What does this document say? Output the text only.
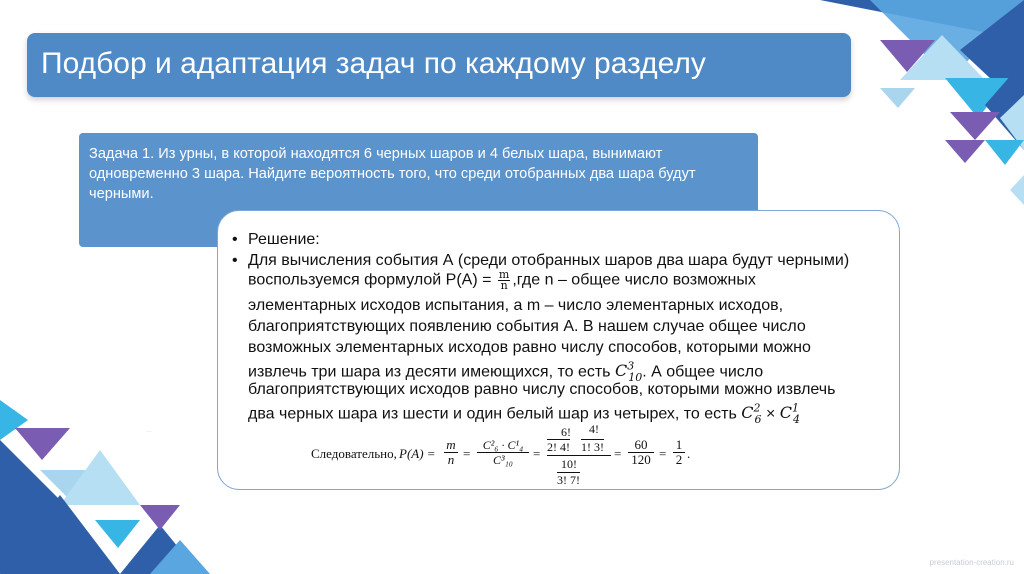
Подбор и адаптация задач по каждому разделу
Задача 1. Из урны, в которой находятся 6 черных шаров и 4 белых шара, вынимают одновременно 3 шара. Найдите вероятность того, что среди отобранных два шара будут черными.
• Решение:
• Для вычисления события А (среди отобранных шаров два шара будут черными)
воспользуемся формулой $Р(А) = \frac{m}{n} ,где$ n – общее число возможных
элементарных исходов испытания, а m – число элементарных исходов,
благоприятствующих появлению события А. В нашем случае общее число
возможных элементарных исходов равно числу способов, которыми можно
извлечь три шара из десяти имеющихся, то есть $C^3_{10}$. А общее число
благоприятствующих исходов равно числу способов, которыми можно извлечь
два черных шара из шести и один белый шар из четырех, то есть $C^2_6 \times C^1_4$
Следовательно, $P(A) = \frac{m}{n} = \frac{\text{C²₆ · C¹₄}}{\text{C³₁₀}}$ =
6! 4!
2! 4! 1! 3!
10!
3! 7!
= $\frac{60}{120} = \frac{1}{2}$ .
...
presentation-creation.ru
